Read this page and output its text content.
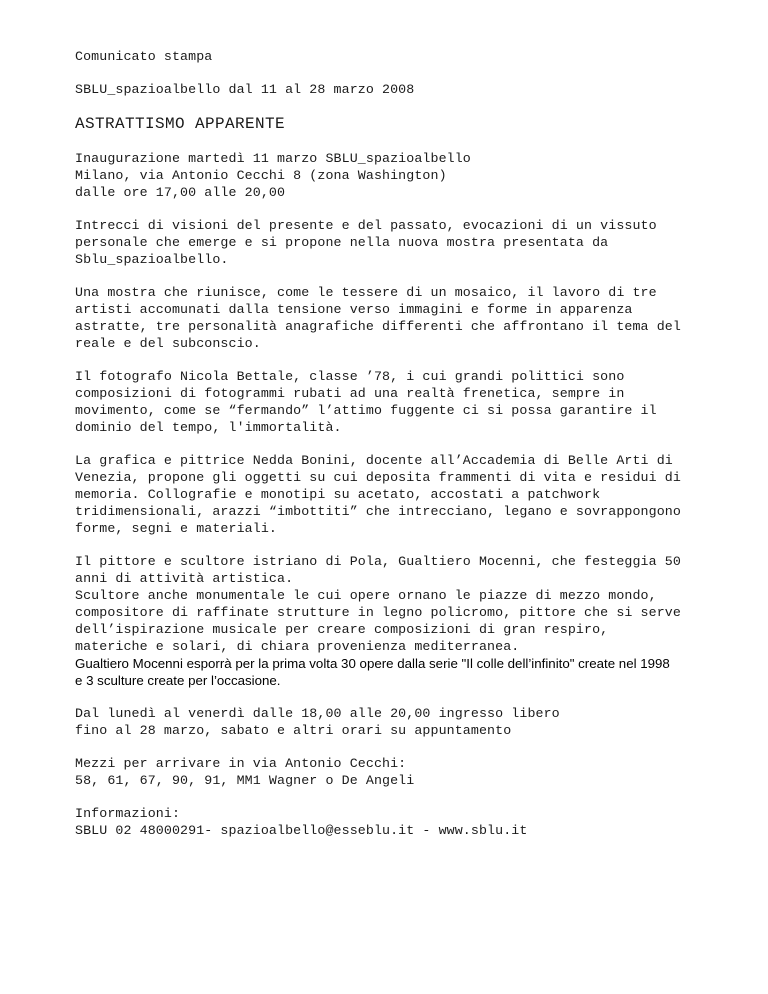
Comunicato stampa

SBLU_spazioalbello dal 11 al 28 marzo 2008

ASTRATTISMO APPARENTE

Inaugurazione martedì 11 marzo SBLU_spazioalbello
Milano, via Antonio Cecchi 8 (zona Washington)
dalle ore 17,00 alle 20,00

Intrecci di visioni del presente e del passato, evocazioni di un vissuto
personale che emerge e si propone nella nuova mostra presentata da
Sblu_spazioalbello.

Una mostra che riunisce, come le tessere di un mosaico, il lavoro di tre
artisti accomunati dalla tensione verso immagini e forme in apparenza
astratte, tre personalità anagrafiche differenti che affrontano il tema del
reale e del subconscio.

Il fotografo Nicola Bettale, classe ’78, i cui grandi polittici sono
composizioni di fotogrammi rubati ad una realtà frenetica, sempre in
movimento, come se “fermando” l’attimo fuggente ci si possa garantire il
dominio del tempo, l'immortalità.

La grafica e pittrice Nedda Bonini, docente all’Accademia di Belle Arti di
Venezia, propone gli oggetti su cui deposita frammenti di vita e residui di
memoria. Collografie e monotipi su acetato, accostati a patchwork
tridimensionali, arazzi “imbottiti” che intrecciano, legano e sovrappongono
forme, segni e materiali.

Il pittore e scultore istriano di Pola, Gualtiero Mocenni, che festeggia 50
anni di attività artistica.
Scultore anche monumentale le cui opere ornano le piazze di mezzo mondo,
compositore di raffinate strutture in legno policromo, pittore che si serve
dell’ispirazione musicale per creare composizioni di gran respiro,
materiche e solari, di chiara provenienza mediterranea.

Gualtiero Mocenni esporrà per la prima volta 30 opere dalla serie "Il colle dell’infinito" create nel 1998
e 3 sculture create per l’occasione.

Dal lunedì al venerdì dalle 18,00 alle 20,00 ingresso libero
fino al 28 marzo, sabato e altri orari su appuntamento

Mezzi per arrivare in via Antonio Cecchi:
58, 61, 67, 90, 91, MM1 Wagner o De Angeli

Informazioni:
SBLU 02 48000291- spazioalbello@esseblu.it - www.sblu.it
